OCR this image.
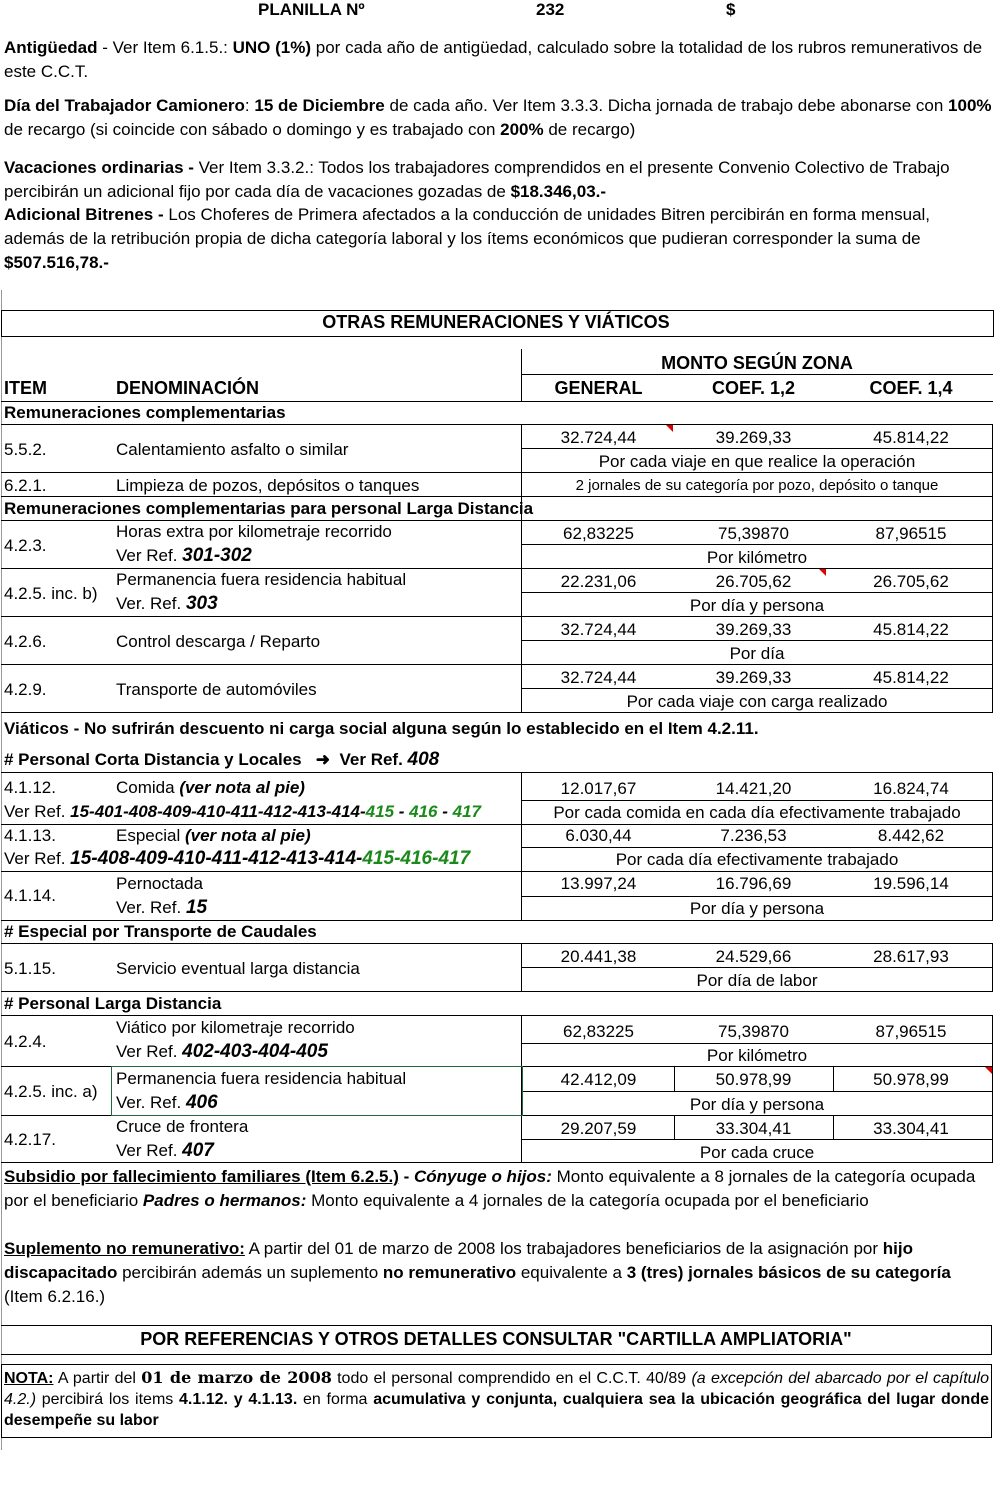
PLANILLA Nº	232	$

Antigüedad - Ver Item 6.1.5.: UNO (1%) por cada año de antigüedad, calculado sobre la totalidad de los rubros remunerativos de este C.C.T.

Día del Trabajador Camionero: 15 de Diciembre de cada año. Ver Item 3.3.3. Dicha jornada de trabajo debe abonarse con 100% de recargo (si coincide con sábado o domingo y es trabajado con 200% de recargo)

Vacaciones ordinarias - Ver Item 3.3.2.: Todos los trabajadores comprendidos en el presente Convenio Colectivo de Trabajo percibirán un adicional fijo por cada día de vacaciones gozadas de $18.346,03.-

Adicional Bitrenes - Los Choferes de Primera afectados a la conducción de unidades Bitren percibirán en forma mensual, además de la retribución propia de dicha categoría laboral y los ítems económicos que pudieran corresponder la suma de $507.516,78.-

OTRAS REMUNERACIONES Y VIÁTICOS
MONTO SEGÚN ZONA
ITEM	DENOMINACIÓN	GENERAL	COEF. 1,2	COEF. 1,4
Remuneraciones complementarias
5.5.2.	Calentamiento asfalto o similar
32.724,44	39.269,33	45.814,22
Por cada viaje en que realice la operación
6.2.1.	Limpieza de pozos, depósitos o tanques	2 jornales de su categoría por pozo, depósito o tanque
Remuneraciones complementarias para personal Larga Distancia
4.2.3.
Horas extra por kilometraje recorrido
Ver Ref. 301-302
62,83225	75,39870	87,96515
Por kilómetro
4.2.5. inc. b)
Permanencia fuera residencia habitual
Ver. Ref. 303
22.231,06	26.705,62	26.705,62
Por día y persona
4.2.6.	Control descarga / Reparto
32.724,44	39.269,33	45.814,22
Por día
4.2.9.	Transporte de automóviles
32.724,44	39.269,33	45.814,22
Por cada viaje con carga realizado
Viáticos - No sufrirán descuento ni carga social alguna según lo establecido en el Item 4.2.11.
# Personal Corta Distancia y Locales ➜ Ver Ref. 408
4.1.12.	Comida (ver nota al pie)
Ver Ref. 15-401-408-409-410-411-412-413-414-415 - 416 - 417
12.017,67	14.421,20	16.824,74
Por cada comida en cada día efectivamente trabajado
4.1.13.	Especial (ver nota al pie)
Ver Ref. 15-408-409-410-411-412-413-414-415-416-417
6.030,44	7.236,53	8.442,62
Por cada día efectivamente trabajado
4.1.14.
Pernoctada
Ver. Ref. 15
13.997,24	16.796,69	19.596,14
Por día y persona
# Especial por Transporte de Caudales
5.1.15.	Servicio eventual larga distancia
20.441,38	24.529,66	28.617,93
Por día de labor
# Personal Larga Distancia
4.2.4.
Viático por kilometraje recorrido
Ver Ref. 402-403-404-405
62,83225	75,39870	87,96515
Por kilómetro
4.2.5. inc. a)
Permanencia fuera residencia habitual
Ver. Ref. 406
42.412,09	50.978,99	50.978,99
Por día y persona
4.2.17.
Cruce de frontera
Ver Ref. 407
29.207,59	33.304,41	33.304,41
Por cada cruce

Subsidio por fallecimiento familiares (Item 6.2.5.) - Cónyuge o hijos: Monto equivalente a 8 jornales de la categoría ocupada por el beneficiario Padres o hermanos: Monto equivalente a 4 jornales de la categoría ocupada por el beneficiario

Suplemento no remunerativo: A partir del 01 de marzo de 2008 los trabajadores beneficiarios de la asignación por hijo discapacitado percibirán además un suplemento no remunerativo equivalente a 3 (tres) jornales básicos de su categoría (Item 6.2.16.)

POR REFERENCIAS Y OTROS DETALLES CONSULTAR "CARTILLA AMPLIATORIA"

NOTA: A partir del 01 de marzo de 2008 todo el personal comprendido en el C.C.T. 40/89 (a excepción del abarcado por el capítulo 4.2.) percibirá los items 4.1.12. y 4.1.13. en forma acumulativa y conjunta, cualquiera sea la ubicación geográfica del lugar donde desempeñe su labor
